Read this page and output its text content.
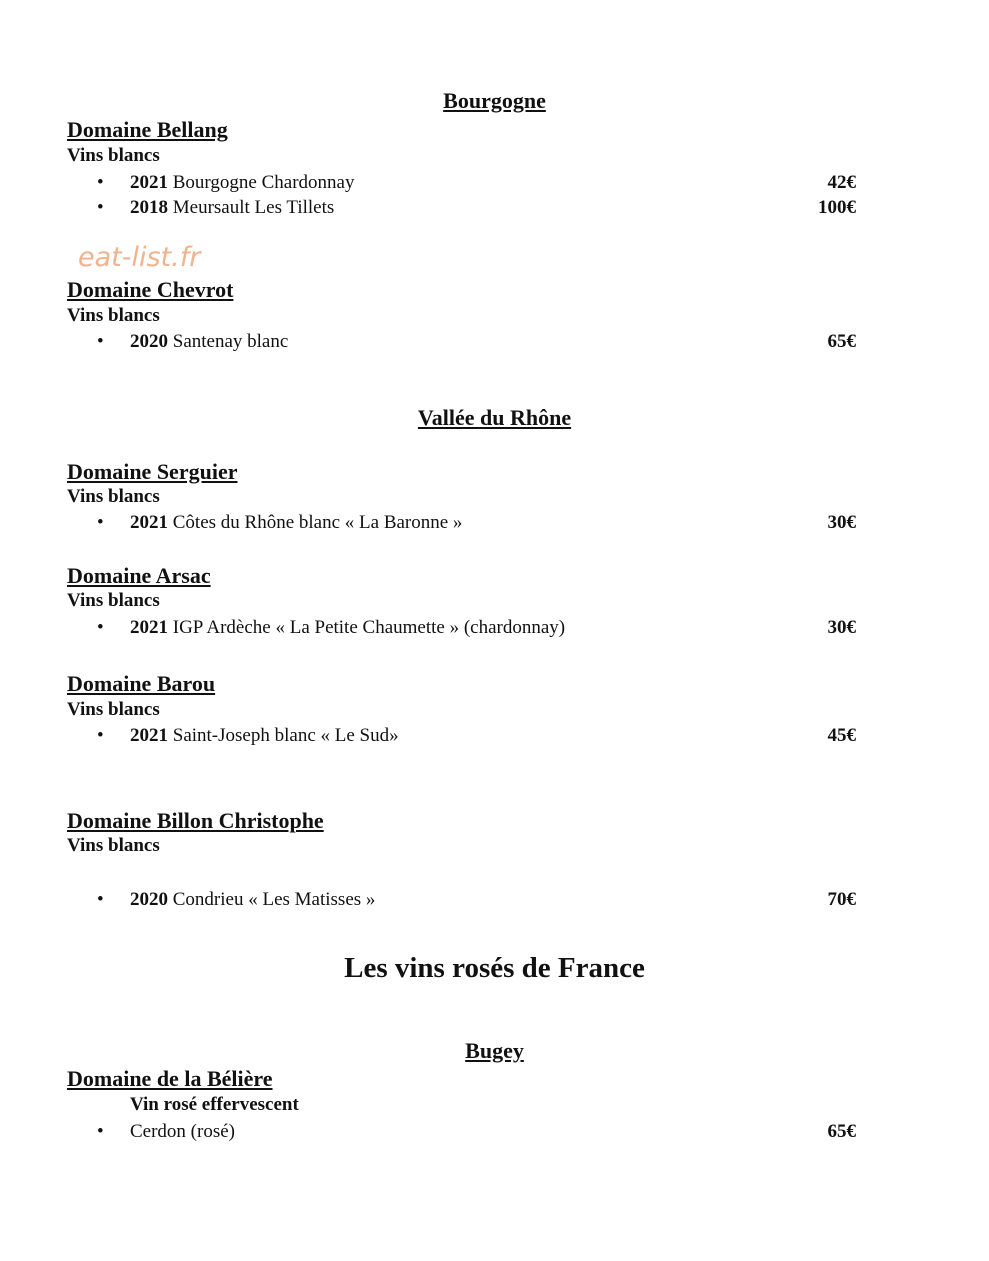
eat-list.fr
Bourgogne
Domaine Bellang
Vins blancs
• 2021 Bourgogne Chardonnay	42€
• 2018 Meursault Les Tillets	100€
Domaine Chevrot
Vins blancs
• 2020 Santenay blanc	65€
Vallée du Rhône
Domaine Serguier
Vins blancs
• 2021 Côtes du Rhône blanc « La Baronne »	30€
Domaine Arsac
Vins blancs
• 2021 IGP Ardèche « La Petite Chaumette » (chardonnay)	30€
Domaine Barou
Vins blancs
• 2021 Saint-Joseph blanc « Le Sud»	45€
Domaine Billon Christophe
Vins blancs
• 2020 Condrieu « Les Matisses »	70€
Les vins rosés de France
Bugey
Domaine de la Bélière
Vin rosé effervescent
• Cerdon (rosé)	65€
